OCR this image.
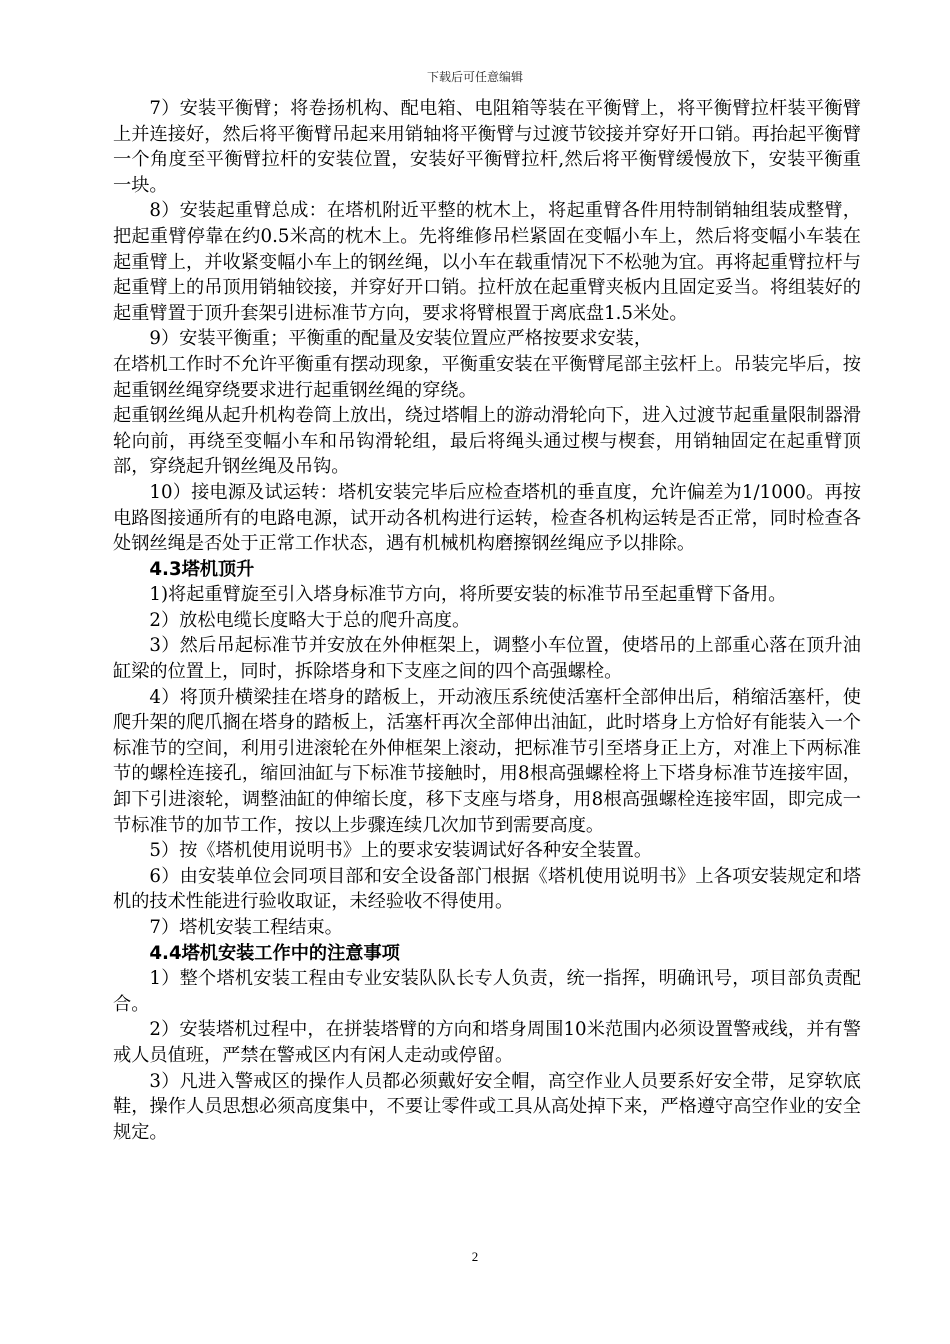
下载后可任意编辑

7）安装平衡臂；将卷扬机构、配电箱、电阻箱等装在平衡臂上，将平衡臂拉杆装平衡臂上并连接好，然后将平衡臂吊起来用销轴将平衡臂与过渡节铰接并穿好开口销。再抬起平衡臂一个角度至平衡臂拉杆的安装位置，安装好平衡臂拉杆,然后将平衡臂缓慢放下，安装平衡重一块。

8）安装起重臂总成：在塔机附近平整的枕木上，将起重臂各件用特制销轴组装成整臂，把起重臂停靠在约0.5米高的枕木上。先将维修吊栏紧固在变幅小车上，然后将变幅小车装在起重臂上，并收紧变幅小车上的钢丝绳，以小车在载重情况下不松驰为宜。再将起重臂拉杆与起重臂上的吊顶用销轴铰接，并穿好开口销。拉杆放在起重臂夹板内且固定妥当。将组装好的起重臂置于顶升套架引进标准节方向，要求将臂根置于离底盘1.5米处。

9）安装平衡重；平衡重的配量及安装位置应严格按要求安装，

在塔机工作时不允许平衡重有摆动现象，平衡重安装在平衡臂尾部主弦杆上。吊装完毕后，按起重钢丝绳穿绕要求进行起重钢丝绳的穿绕。

起重钢丝绳从起升机构卷筒上放出，绕过塔帽上的游动滑轮向下，进入过渡节起重量限制器滑轮向前，再绕至变幅小车和吊钩滑轮组，最后将绳头通过楔与楔套，用销轴固定在起重臂顶部，穿绕起升钢丝绳及吊钩。

10）接电源及试运转：塔机安装完毕后应检查塔机的垂直度，允许偏差为1/1000。再按电路图接通所有的电路电源，试开动各机构进行运转，检查各机构运转是否正常，同时检查各处钢丝绳是否处于正常工作状态，遇有机械机构磨擦钢丝绳应予以排除。

4.3塔机顶升

1)将起重臂旋至引入塔身标准节方向，将所要安装的标准节吊至起重臂下备用。

2）放松电缆长度略大于总的爬升高度。

3）然后吊起标准节并安放在外伸框架上，调整小车位置，使塔吊的上部重心落在顶升油缸梁的位置上，同时，拆除塔身和下支座之间的四个高强螺栓。

4）将顶升横梁挂在塔身的踏板上，开动液压系统使活塞杆全部伸出后，稍缩活塞杆，使爬升架的爬爪搁在塔身的踏板上，活塞杆再次全部伸出油缸，此时塔身上方恰好有能装入一个标准节的空间，利用引进滚轮在外伸框架上滚动，把标准节引至塔身正上方，对准上下两标准节的螺栓连接孔，缩回油缸与下标准节接触时，用8根高强螺栓将上下塔身标准节连接牢固，卸下引进滚轮，调整油缸的伸缩长度，移下支座与塔身，用8根高强螺栓连接牢固，即完成一节标准节的加节工作，按以上步骤连续几次加节到需要高度。

5）按《塔机使用说明书》上的要求安装调试好各种安全装置。

6）由安装单位会同项目部和安全设备部门根据《塔机使用说明书》上各项安装规定和塔机的技术性能进行验收取证，未经验收不得使用。

7）塔机安装工程结束。

4.4塔机安装工作中的注意事项

1）整个塔机安装工程由专业安装队队长专人负责，统一指挥，明确讯号，项目部负责配合。

2）安装塔机过程中，在拼装塔臂的方向和塔身周围10米范围内必须设置警戒线，并有警戒人员值班，严禁在警戒区内有闲人走动或停留。

3）凡进入警戒区的操作人员都必须戴好安全帽，高空作业人员要系好安全带，足穿软底鞋，操作人员思想必须高度集中，不要让零件或工具从高处掉下来，严格遵守高空作业的安全规定。

2
